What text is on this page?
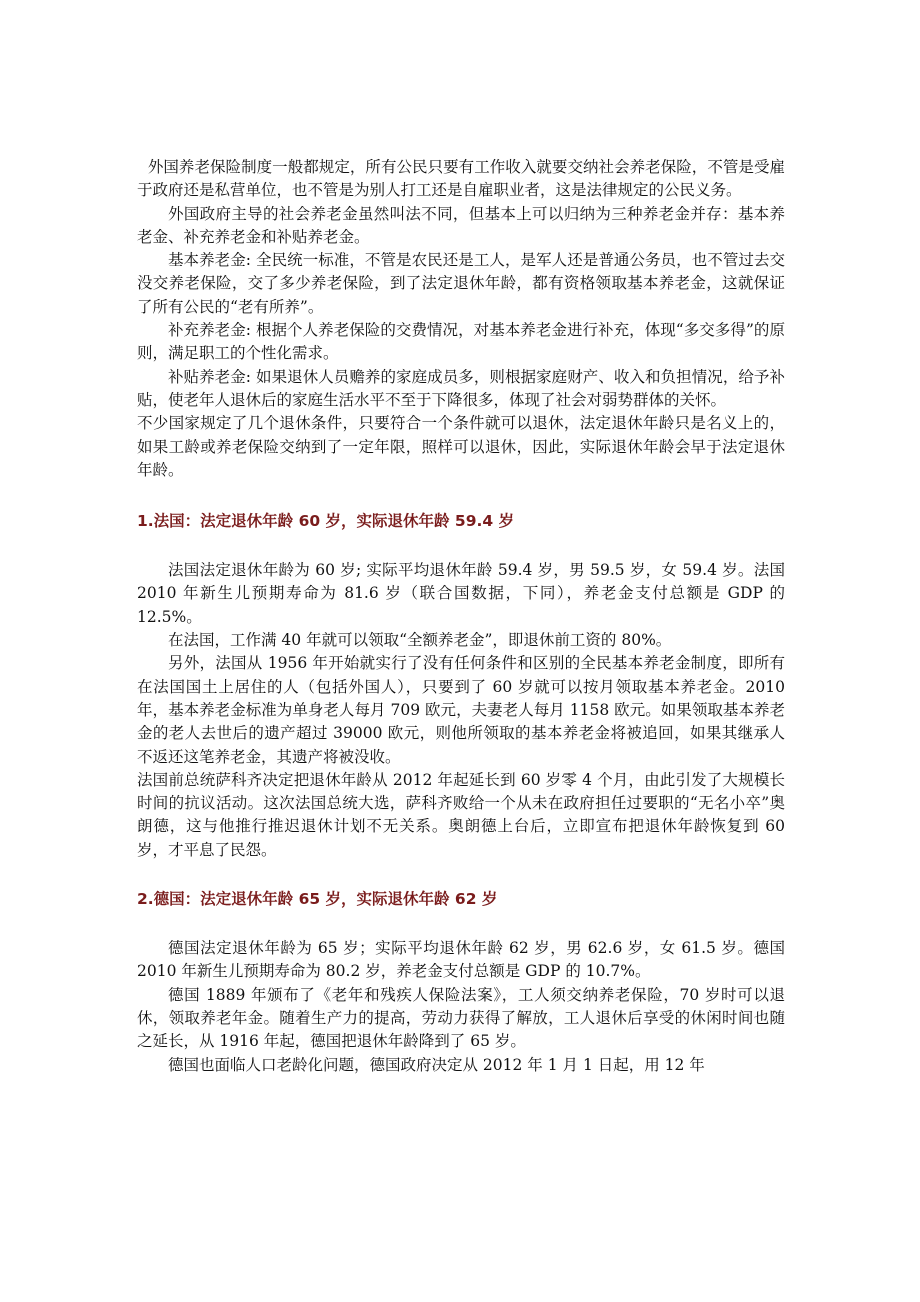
外国养老保险制度一般都规定，所有公民只要有工作收入就要交纳社会养老保险，不管是受雇于政府还是私营单位，也不管是为别人打工还是自雇职业者，这是法律规定的公民义务。

外国政府主导的社会养老金虽然叫法不同，但基本上可以归纳为三种养老金并存：基本养老金、补充养老金和补贴养老金。

基本养老金: 全民统一标准，不管是农民还是工人，是军人还是普通公务员，也不管过去交没交养老保险，交了多少养老保险，到了法定退休年龄，都有资格领取基本养老金，这就保证了所有公民的“老有所养”。

补充养老金: 根据个人养老保险的交费情况，对基本养老金进行补充，体现“多交多得”的原则，满足职工的个性化需求。

补贴养老金: 如果退休人员赡养的家庭成员多，则根据家庭财产、收入和负担情况，给予补贴，使老年人退休后的家庭生活水平不至于下降很多，体现了社会对弱势群体的关怀。

不少国家规定了几个退休条件，只要符合一个条件就可以退休，法定退休年龄只是名义上的，如果工龄或养老保险交纳到了一定年限，照样可以退休，因此，实际退休年龄会早于法定退休年龄。

1.法国：法定退休年龄 60 岁，实际退休年龄 59.4 岁

法国法定退休年龄为 60 岁; 实际平均退休年龄 59.4 岁，男 59.5 岁，女 59.4 岁。法国 2010 年新生儿预期寿命为 81.6 岁（联合国数据，下同），养老金支付总额是 GDP 的 12.5%。

在法国，工作满 40 年就可以领取“全额养老金”，即退休前工资的 80%。

另外，法国从 1956 年开始就实行了没有任何条件和区别的全民基本养老金制度，即所有在法国国土上居住的人（包括外国人），只要到了 60 岁就可以按月领取基本养老金。2010 年，基本养老金标准为单身老人每月 709 欧元，夫妻老人每月 1158 欧元。如果领取基本养老金的老人去世后的遗产超过 39000 欧元，则他所领取的基本养老金将被追回，如果其继承人不返还这笔养老金，其遗产将被没收。

法国前总统萨科齐决定把退休年龄从 2012 年起延长到 60 岁零 4 个月，由此引发了大规模长时间的抗议活动。这次法国总统大选，萨科齐败给一个从未在政府担任过要职的“无名小卒”奥朗德，这与他推行推迟退休计划不无关系。奥朗德上台后，立即宣布把退休年龄恢复到 60 岁，才平息了民怨。

2.德国：法定退休年龄 65 岁，实际退休年龄 62 岁

德国法定退休年龄为 65 岁；实际平均退休年龄 62 岁，男 62.6 岁，女 61.5 岁。德国 2010 年新生儿预期寿命为 80.2 岁，养老金支付总额是 GDP 的 10.7%。

德国 1889 年颁布了《老年和残疾人保险法案》，工人须交纳养老保险，70 岁时可以退休，领取养老年金。随着生产力的提高，劳动力获得了解放，工人退休后享受的休闲时间也随之延长，从 1916 年起，德国把退休年龄降到了 65 岁。

德国也面临人口老龄化问题，德国政府决定从 2012 年 1 月 1 日起，用 12 年
